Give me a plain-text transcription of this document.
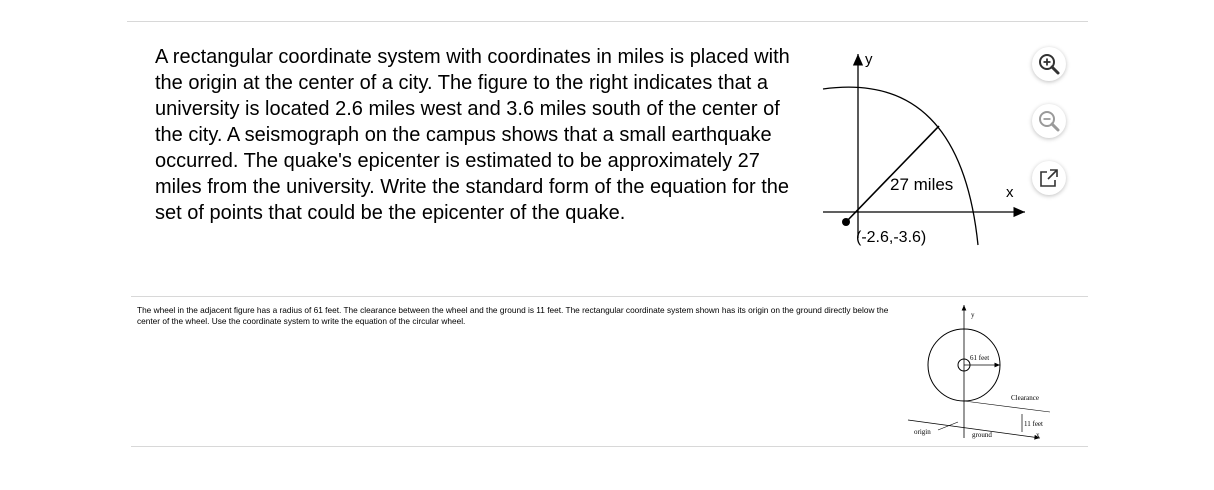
A rectangular coordinate system with coordinates in miles is placed with the origin at the center of a city. The figure to the right indicates that a university is located 2.6 miles west and 3.6 miles south of the center of the city. A seismograph on the campus shows that a small earthquake occurred. The quake's epicenter is estimated to be approximately 27 miles from the university. Write the standard form of the equation for the set of points that could be the epicenter of the quake.
y
x
27 miles
(-2.6,-3.6)
The wheel in the adjacent figure has a radius of 61 feet. The clearance between the wheel and the ground is 11 feet. The rectangular coordinate system shown has its origin on the ground directly below the center of the wheel. Use the coordinate system to write the equation of the circular wheel.
y
61 feet
Clearance
11 feet
x
origin	ground
